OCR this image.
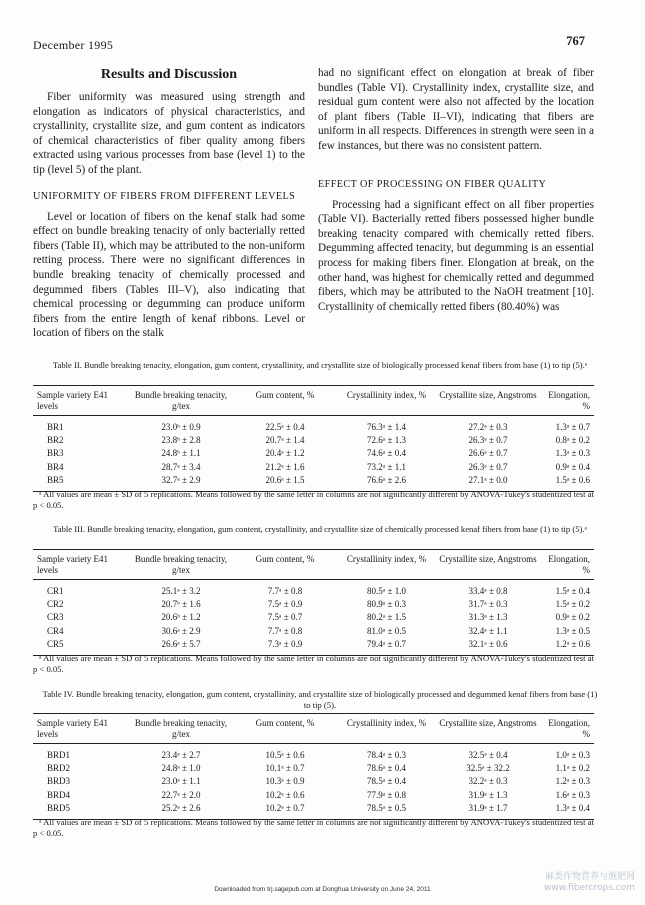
December 1995	767
Results and Discussion

Fiber uniformity was measured using strength and elongation as indicators of physical characteristics, and crystallinity, crystallite size, and gum content as indicators of chemical characteristics of fiber quality among fibers extracted using various processes from base (level 1) to the tip (level 5) of the plant.

UNIFORMITY OF FIBERS FROM DIFFERENT LEVELS

Level or location of fibers on the kenaf stalk had some effect on bundle breaking tenacity of only bacterially retted fibers (Table II), which may be attributed to the non-uniform retting process. There were no significant differences in bundle breaking tenacity of chemically processed and degummed fibers (Tables III–V), also indicating that chemical processing or degumming can produce uniform fibers from the entire length of kenaf ribbons. Level or location of fibers on the stalk

had no significant effect on elongation at break of fiber bundles (Table VI). Crystallinity index, crystallite size, and residual gum content were also not affected by the location of plant fibers (Table II–VI), indicating that fibers are uniform in all respects. Differences in strength were seen in a few instances, but there was no consistent pattern.

EFFECT OF PROCESSING ON FIBER QUALITY

Processing had a significant effect on all fiber properties (Table VI). Bacterially retted fibers possessed higher bundle breaking tenacity compared with chemically retted fibers. Degumming affected tenacity, but degumming is an essential process for making fibers finer. Elongation at break, on the other hand, was highest for chemically retted and degummed fibers, which may be attributed to the NaOH treatment [10]. Crystallinity of chemically retted fibers (80.40%) was

Table II. Bundle breaking tenacity, elongation, gum content, crystallinity, and crystallite size of biologically processed kenaf fibers from base (1) to tip (5).ᵃ
Sample variety E41 levels	Bundle breaking tenacity, g/tex	Gum content, %	Crystallinity index, %	Crystallite size, Angstroms	Elongation, %
BR1	23.0ᵇ ± 0.9	22.5ᵃ ± 0.4	76.3ᵃ ± 1.4	27.2ᵃ ± 0.3	1.3ᵃ ± 0.7
BR2	23.8ᵇ ± 2.8	20.7ᵃ ± 1.4	72.6ᵃ ± 1.3	26.3ᵃ ± 0.7	0.8ᵃ ± 0.2
BR3	24.8ᵇ ± 1.1	20.4ᵃ ± 1.2	74.6ᵃ ± 0.4	26.6ᵃ ± 0.7	1.3ᵃ ± 0.3
BR4	28.7ᵃ ± 3.4	21.2ᵃ ± 1.6	73.2ᵃ ± 1.1	26.3ᵃ ± 0.7	0.9ᵃ ± 0.4
BR5	32.7ᵃ ± 2.9	20.6ᵃ ± 1.5	76.6ᵃ ± 2.6	27.1ᵃ ± 0.0	1.5ᵃ ± 0.6
ᵃ All values are mean ± SD of 5 replications. Means followed by the same letter in columns are not significantly different by ANOVA-Tukey's studentized test at p < 0.05.
Table III. Bundle breaking tenacity, elongation, gum content, crystallinity, and crystallite size of chemically processed kenaf fibers from base (1) to tip (5).ᵃ
Sample variety E41 levels	Bundle breaking tenacity, g/tex	Gum content, %	Crystallinity index, %	Crystallite size, Angstroms	Elongation, %
CR1	25.1ᵃ ± 3.2	7.7ᵃ ± 0.8	80.5ᵃ ± 1.0	33.4ᵃ ± 0.8	1.5ᵃ ± 0.4
CR2	20.7ᵇ ± 1.6	7.5ᵃ ± 0.9	80.9ᵃ ± 0.3	31.7ᵃ ± 0.3	1.5ᵃ ± 0.2
CR3	20.6ᵇ ± 1.2	7.5ᵃ ± 0.7	80.2ᵃ ± 1.5	31.3ᵃ ± 1.3	0.9ᵃ ± 0.2
CR4	30.6ᵃ ± 2.9	7.7ᵃ ± 0.8	81.0ᵃ ± 0.5	32.4ᵃ ± 1.1	1.3ᵃ ± 0.5
CR5	26.6ᵃ ± 5.7	7.3ᵃ ± 0.9	79.4ᵃ ± 0.7	32.1ᵃ ± 0.6	1.2ᵃ ± 0.6
ᵃ All values are mean ± SD of 5 replications. Means followed by the same letter in columns are not significantly different by ANOVA-Tukey's studentized test at p < 0.05.
Table IV. Bundle breaking tenacity, elongation, gum content, crystallinity, and crystallite size of biologically processed and degummed kenaf fibers from base (1) to tip (5).
Sample variety E41 levels	Bundle breaking tenacity, g/tex	Gum content, %	Crystallinity index, %	Crystallite size, Angstroms	Elongation, %
BRD1	23.4ᵃ ± 2.7	10.5ᵃ ± 0.6	78.4ᵃ ± 0.3	32.5ᵃ ± 0.4	1.0ᵃ ± 0.3
BRD2	24.8ᵃ ± 1.0	10.1ᵃ ± 0.7	78.6ᵃ ± 0.4	32.5ᵃ ± 32.2	1.1ᵃ ± 0.2
BRD3	23.0ᵃ ± 1.1	10.3ᵃ ± 0.9	78.5ᵃ ± 0.4	32.2ᵃ ± 0.3	1.2ᵃ ± 0.3
BRD4	22.7ᵃ ± 2.0	10.2ᵃ ± 0.6	77.9ᵃ ± 0.8	31.9ᵃ ± 1.3	1.6ᵃ ± 0.3
BRD5	25.2ᵃ ± 2.6	10.2ᵃ ± 0.7	78.5ᵃ ± 0.5	31.9ᵃ ± 1.7	1.3ᵃ ± 0.4
ᵃ All values are mean ± SD of 5 replications. Means followed by the same letter in columns are not significantly different by ANOVA-Tukey's studentized test at p < 0.05.
Downloaded from trj.sagepub.com at Donghua University on June 24, 2011
麻类作物营养与施肥网
www.fibercrops.com
